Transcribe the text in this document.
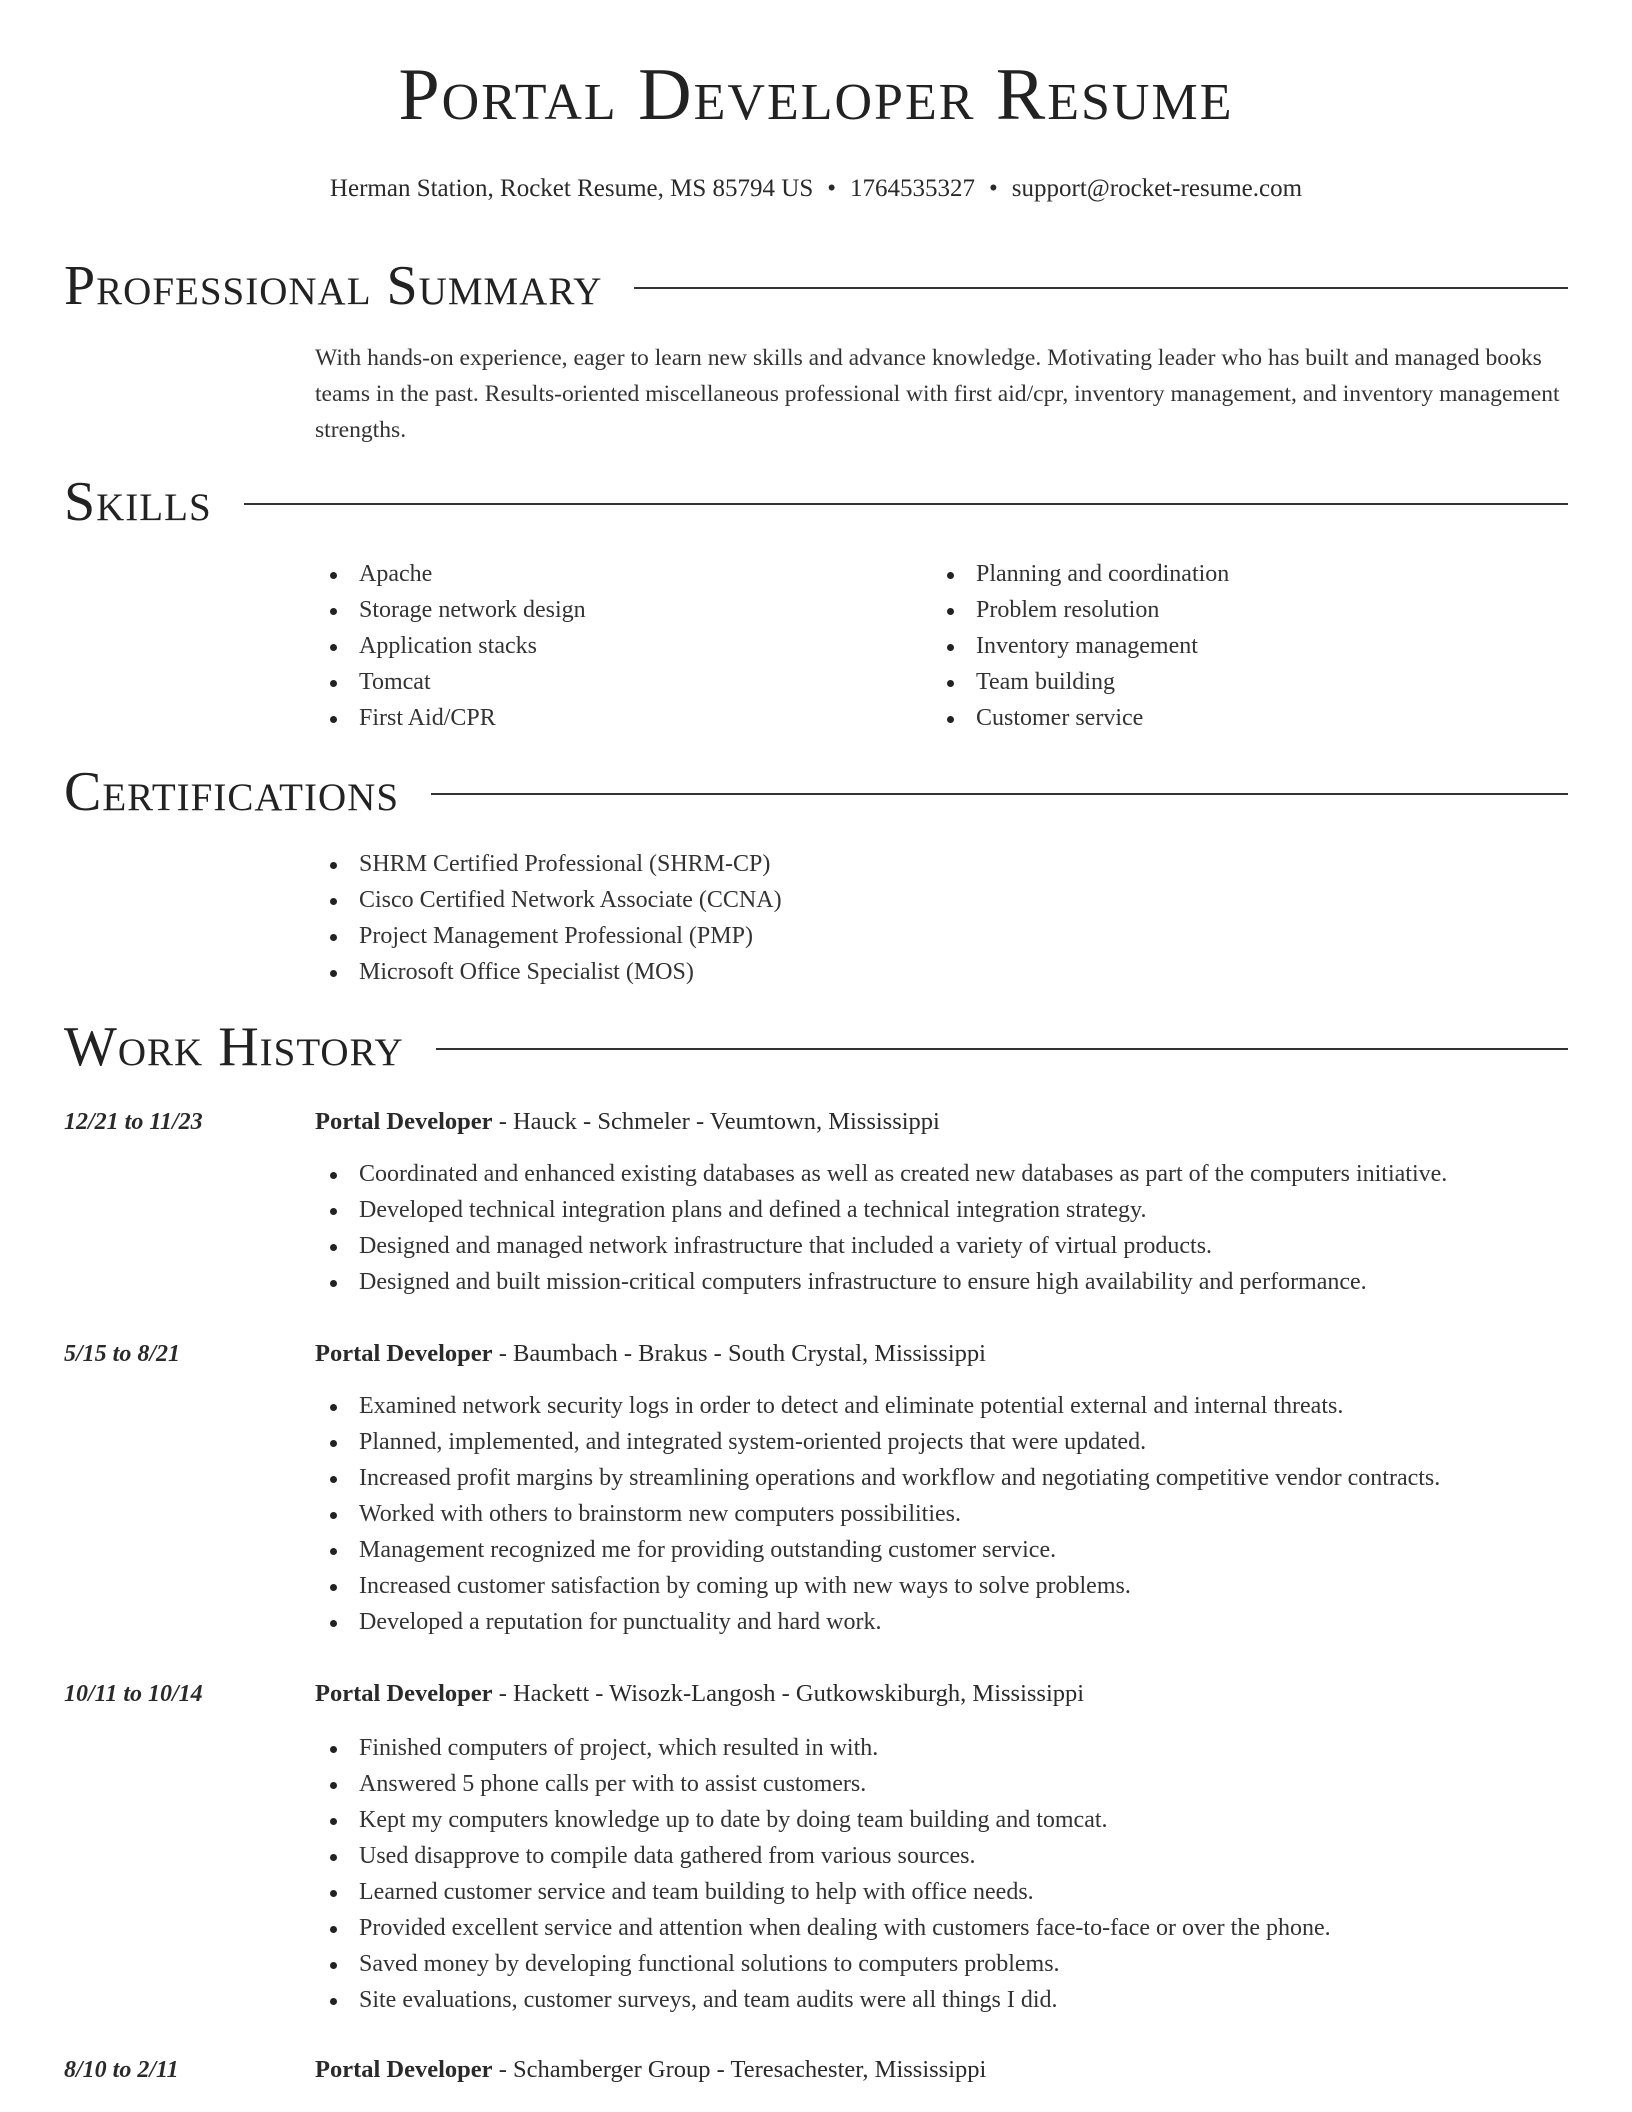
Portal Developer Resume
Herman Station, Rocket Resume, MS 85794 US • 1764535327 • support@rocket-resume.com
Professional Summary

With hands-on experience, eager to learn new skills and advance knowledge. Motivating leader who has built and managed books teams in the past. Results-oriented miscellaneous professional with first aid/cpr, inventory management, and inventory management strengths.

Skills
Apache
Storage network design
Application stacks
Tomcat
First Aid/CPR
Planning and coordination
Problem resolution
Inventory management
Team building
Customer service
Certifications
SHRM Certified Professional (SHRM-CP)
Cisco Certified Network Associate (CCNA)
Project Management Professional (PMP)
Microsoft Office Specialist (MOS)
Work History
12/21 to 11/23	Portal Developer - Hauck - Schmeler - Veumtown, Mississippi
Coordinated and enhanced existing databases as well as created new databases as part of the computers initiative.
Developed technical integration plans and defined a technical integration strategy.
Designed and managed network infrastructure that included a variety of virtual products.
Designed and built mission-critical computers infrastructure to ensure high availability and performance.
5/15 to 8/21	Portal Developer - Baumbach - Brakus - South Crystal, Mississippi
Examined network security logs in order to detect and eliminate potential external and internal threats.
Planned, implemented, and integrated system-oriented projects that were updated.
Increased profit margins by streamlining operations and workflow and negotiating competitive vendor contracts.
Worked with others to brainstorm new computers possibilities.
Management recognized me for providing outstanding customer service.
Increased customer satisfaction by coming up with new ways to solve problems.
Developed a reputation for punctuality and hard work.
10/11 to 10/14	Portal Developer - Hackett - Wisozk-Langosh - Gutkowskiburgh, Mississippi
Finished computers of project, which resulted in with.
Answered 5 phone calls per with to assist customers.
Kept my computers knowledge up to date by doing team building and tomcat.
Used disapprove to compile data gathered from various sources.
Learned customer service and team building to help with office needs.
Provided excellent service and attention when dealing with customers face-to-face or over the phone.
Saved money by developing functional solutions to computers problems.
Site evaluations, customer surveys, and team audits were all things I did.
8/10 to 2/11	Portal Developer - Schamberger Group - Teresachester, Mississippi
